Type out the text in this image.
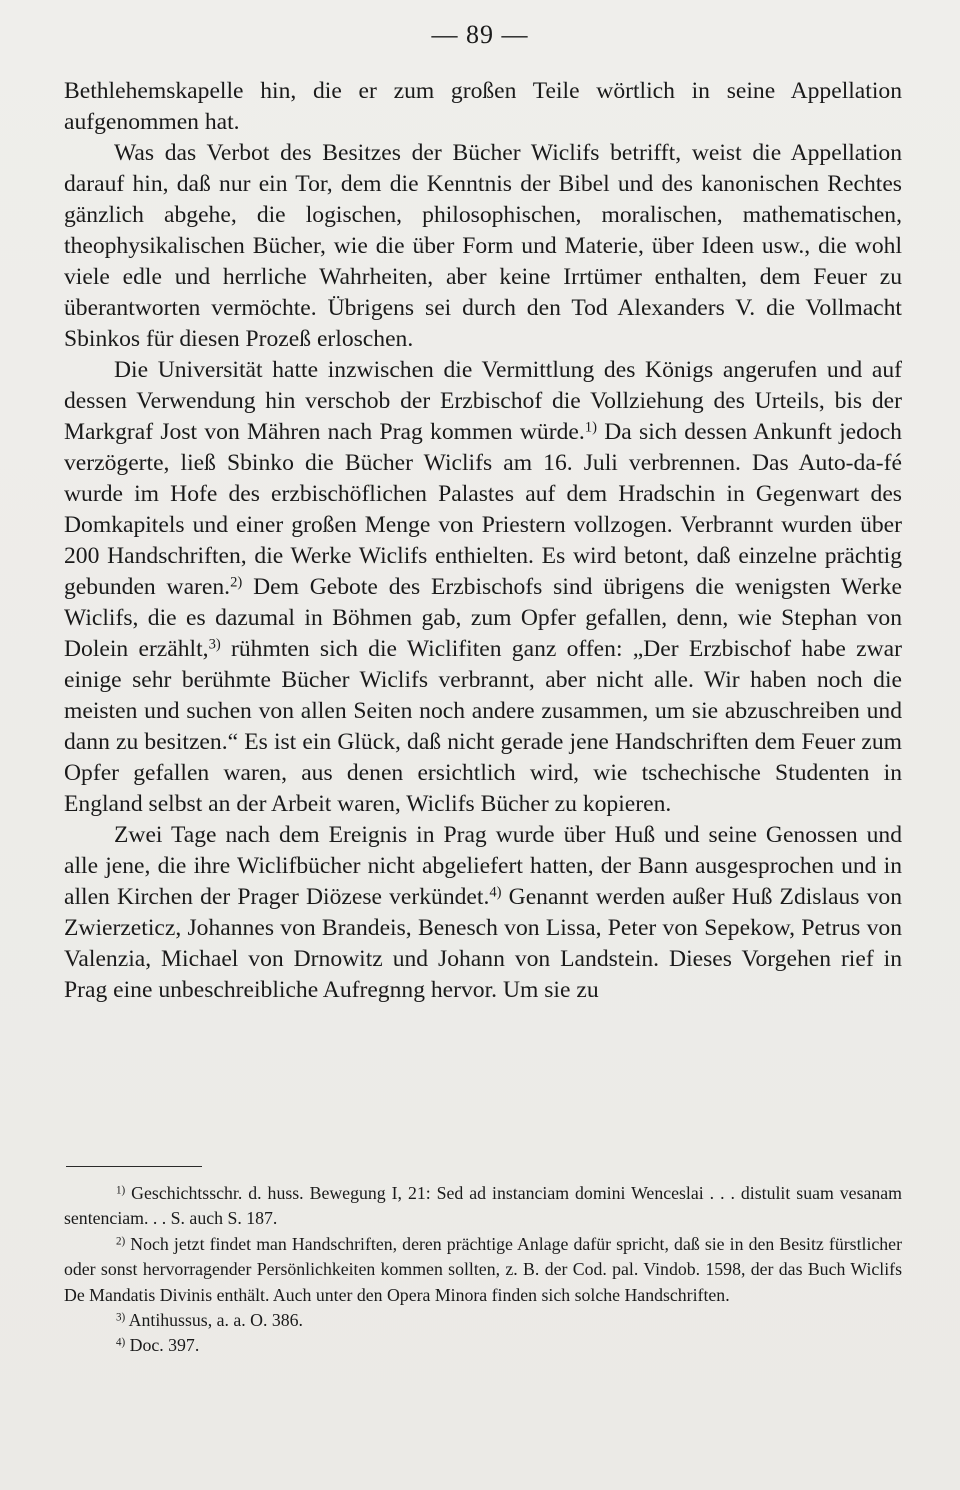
— 89 —

Bethlehemskapelle hin, die er zum großen Teile wörtlich in seine Appellation aufgenommen hat.

Was das Verbot des Besitzes der Bücher Wiclifs betrifft, weist die Appellation darauf hin, daß nur ein Tor, dem die Kenntnis der Bibel und des kanonischen Rechtes gänzlich abgehe, die logischen, philosophischen, moralischen, mathematischen, theophysikalischen Bücher, wie die über Form und Materie, über Ideen usw., die wohl viele edle und herrliche Wahrheiten, aber keine Irrtümer enthalten, dem Feuer zu überantworten vermöchte. Übrigens sei durch den Tod Alexanders V. die Vollmacht Sbinkos für diesen Prozeß erloschen.

Die Universität hatte inzwischen die Vermittlung des Königs angerufen und auf dessen Verwendung hin verschob der Erzbischof die Vollziehung des Urteils, bis der Markgraf Jost von Mähren nach Prag kommen würde.$^{1)}$ Da sich dessen Ankunft jedoch verzögerte, ließ Sbinko die Bücher Wiclifs am 16. Juli verbrennen. Das Auto-da-fé wurde im Hofe des erzbischöflichen Palastes auf dem Hradschin in Gegenwart des Domkapitels und einer großen Menge von Priestern vollzogen. Verbrannt wurden über 200 Handschriften, die Werke Wiclifs enthielten. Es wird betont, daß einzelne prächtig gebunden waren.$^{2)}$ Dem Gebote des Erzbischofs sind übrigens die wenigsten Werke Wiclifs, die es dazumal in Böhmen gab, zum Opfer gefallen, denn, wie Stephan von Dolein erzählt,$^{3)}$ rühmten sich die Wiclifiten ganz offen: „Der Erzbischof habe zwar einige sehr berühmte Bücher Wiclifs verbrannt, aber nicht alle. Wir haben noch die meisten und suchen von allen Seiten noch andere zusammen, um sie abzuschreiben und dann zu besitzen.“ Es ist ein Glück, daß nicht gerade jene Handschriften dem Feuer zum Opfer gefallen waren, aus denen ersichtlich wird, wie tschechische Studenten in England selbst an der Arbeit waren, Wiclifs Bücher zu kopieren.

Zwei Tage nach dem Ereignis in Prag wurde über Huß und seine Genossen und alle jene, die ihre Wiclifbücher nicht abgeliefert hatten, der Bann ausgesprochen und in allen Kirchen der Prager Diözese verkündet.$^{4)}$ Genannt werden außer Huß Zdislaus von Zwierzeticz, Johannes von Brandeis, Benesch von Lissa, Peter von Sepekow, Petrus von Valenzia, Michael von Drnowitz und Johann von Landstein. Dieses Vorgehen rief in Prag eine unbeschreibliche Aufregnng hervor. Um sie zu

$^{1)}$ Geschichtsschr. d. huss. Bewegung I, 21: Sed ad instanciam domini Wenceslai . . . distulit suam vesanam sentenciam. . . S. auch S. 187.

$^{2)}$ Noch jetzt findet man Handschriften, deren prächtige Anlage dafür spricht, daß sie in den Besitz fürstlicher oder sonst hervorragender Persönlichkeiten kommen sollten, z. B. der Cod. pal. Vindob. 1598, der das Buch Wiclifs De Mandatis Divinis enthält. Auch unter den Opera Minora finden sich solche Handschriften.

$^{3)}$ Antihussus, a. a. O. 386.

$^{4)}$ Doc. 397.
